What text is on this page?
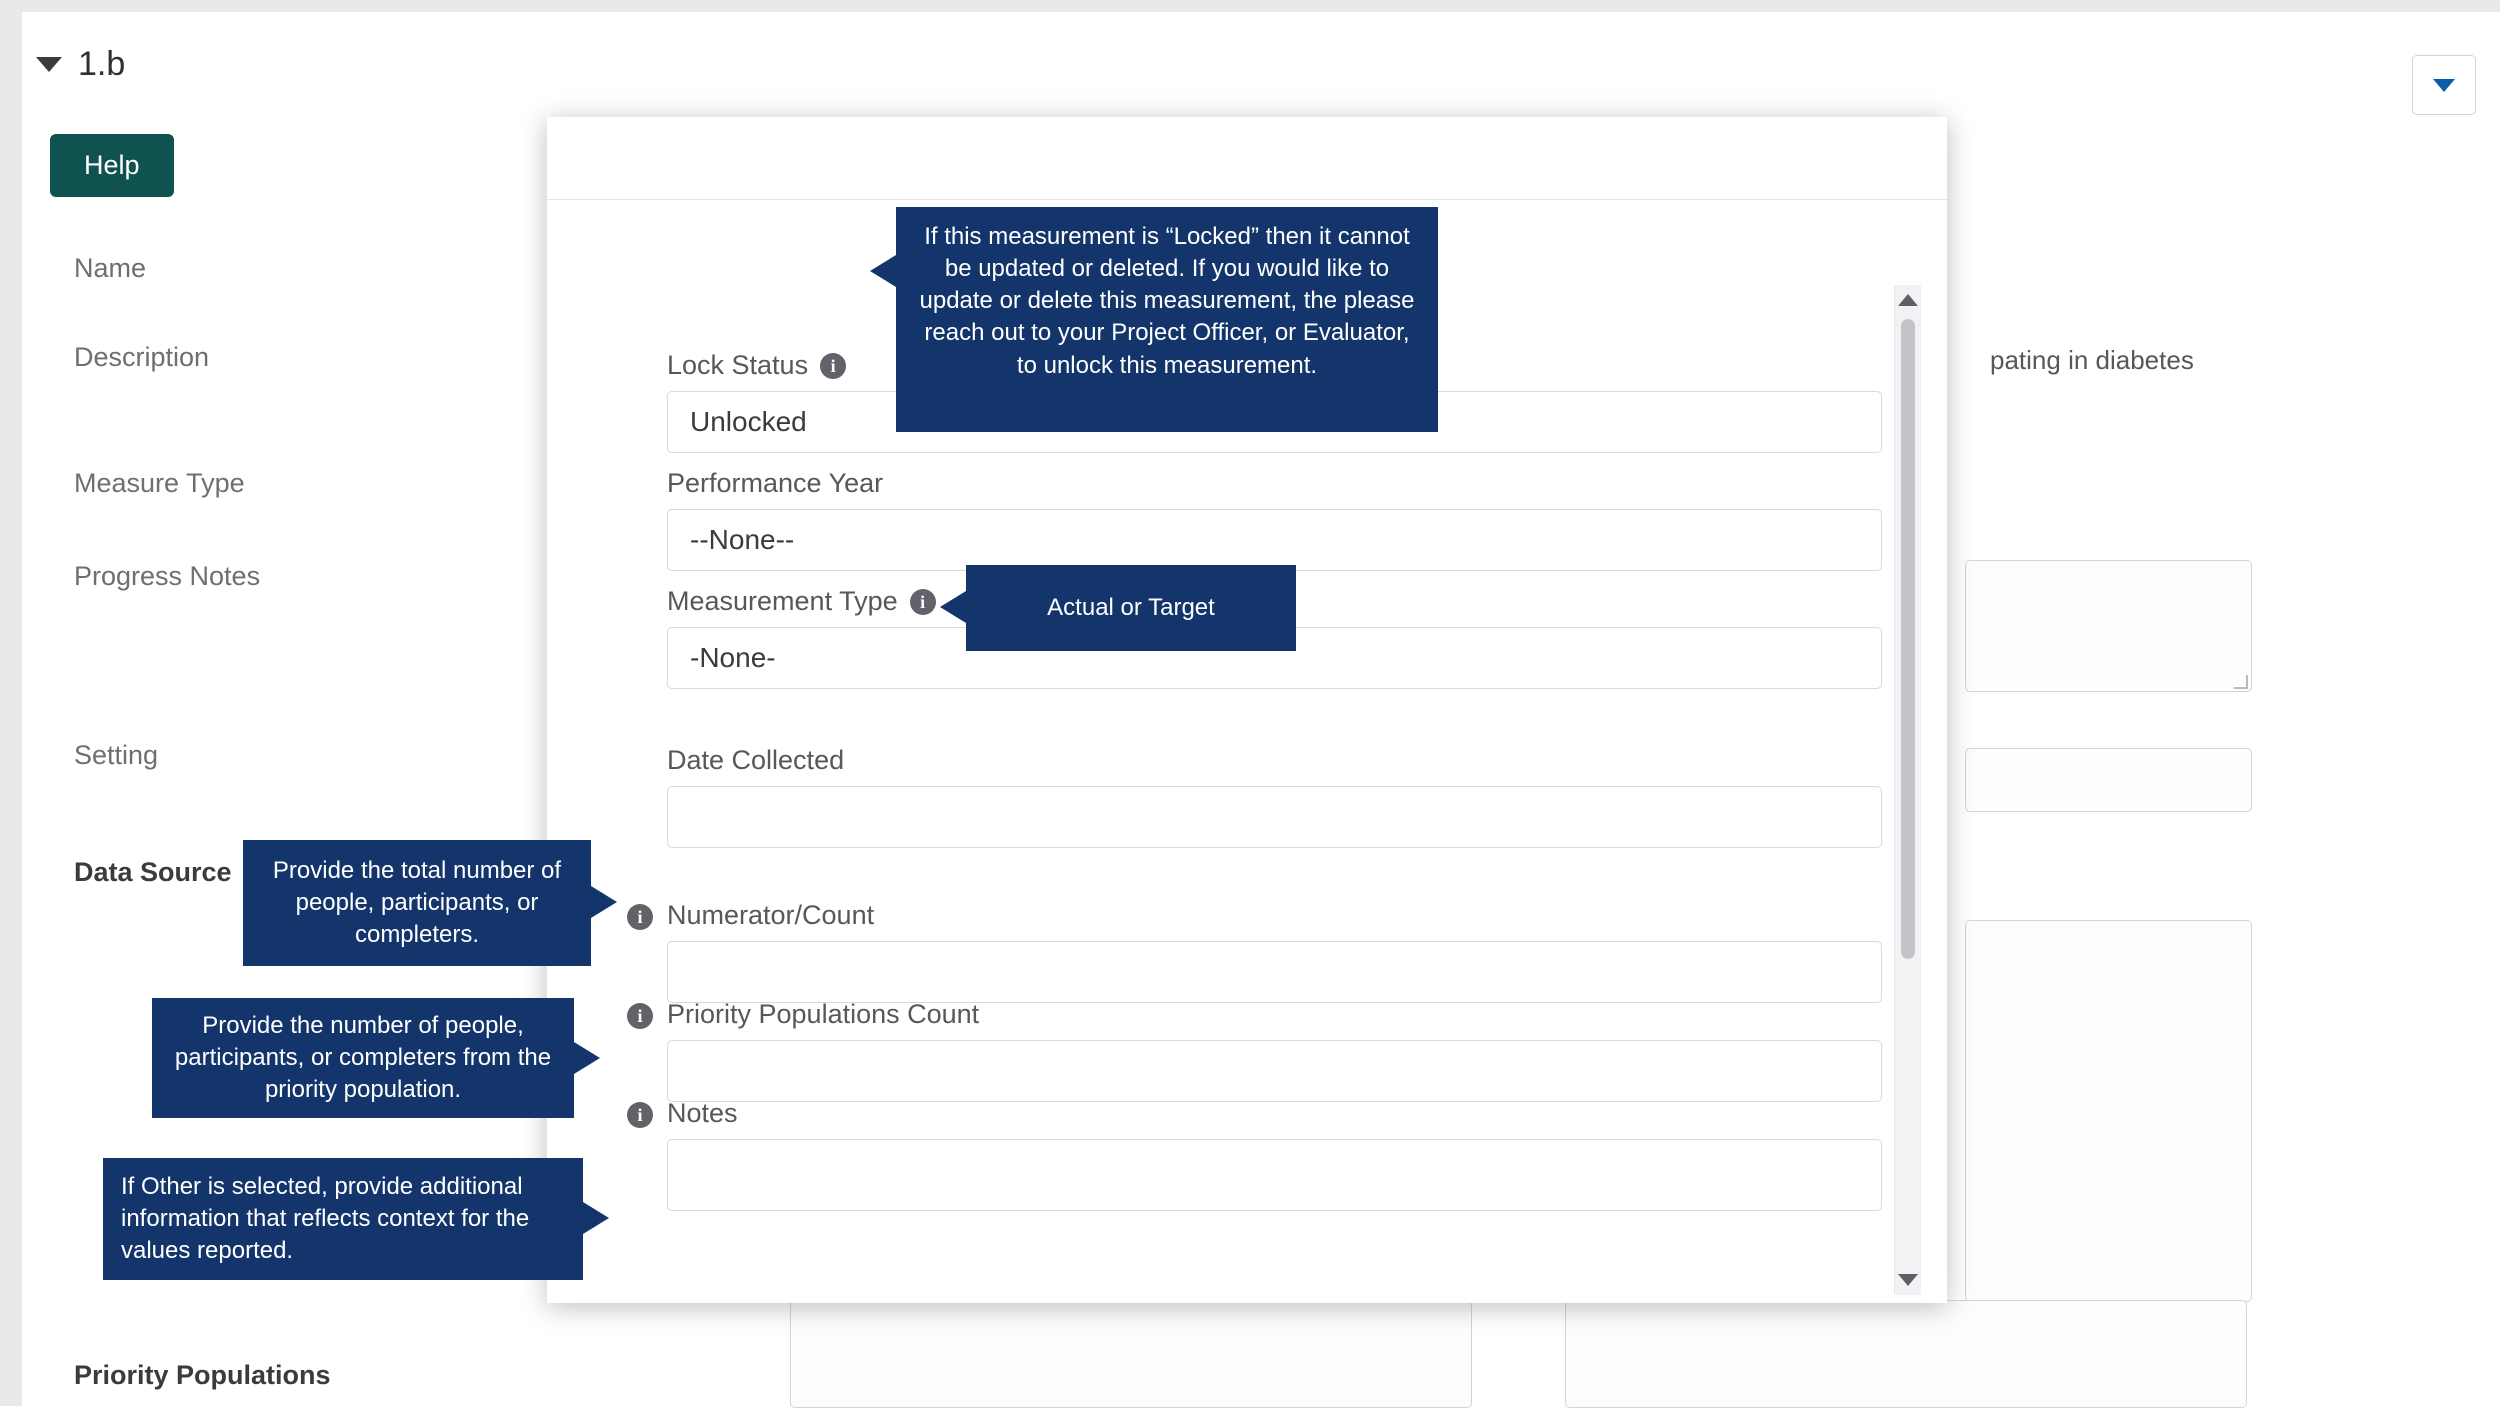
1.b
Help
Name
Description
Measure Type
Progress Notes
Setting
Data Source
Priority Populations
pating in diabetes
Lock Status	i
Unlocked
Performance Year
--None--
Measurement Type	i
-None-
Date Collected
i Numerator/Count
i Priority Populations Count
i Notes
If this measurement is “Locked” then it cannot be updated or deleted. If you would like to update or delete this measurement, the please reach out to your Project Officer, or Evaluator, to unlock this measurement.
Actual or Target
Provide the total number of people, participants, or completers.
Provide the number of people, participants, or completers from the priority population.
If Other is selected, provide additional information that reflects context for the values reported.
